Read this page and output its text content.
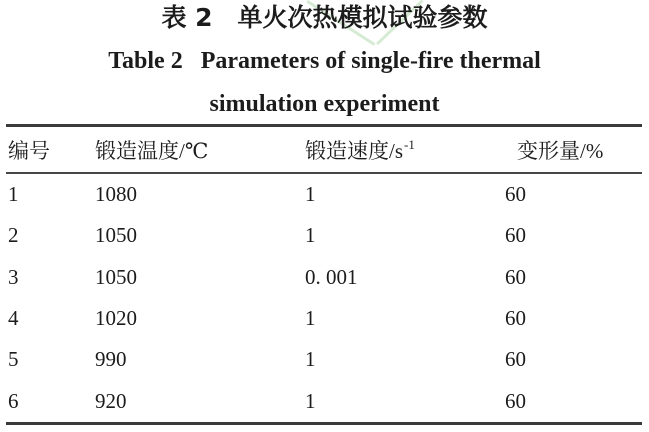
表 2　单火次热模拟试验参数
Table 2   Parameters of single-fire thermal
simulation experiment
编号	锻造温度/℃	锻造速度$/s^{-1}$	变形量/%
1	1080	1	60
2	1050	1	60
3	1050	0. 001	60
4	1020	1	60
5	990	1	60
6	920	1	60
